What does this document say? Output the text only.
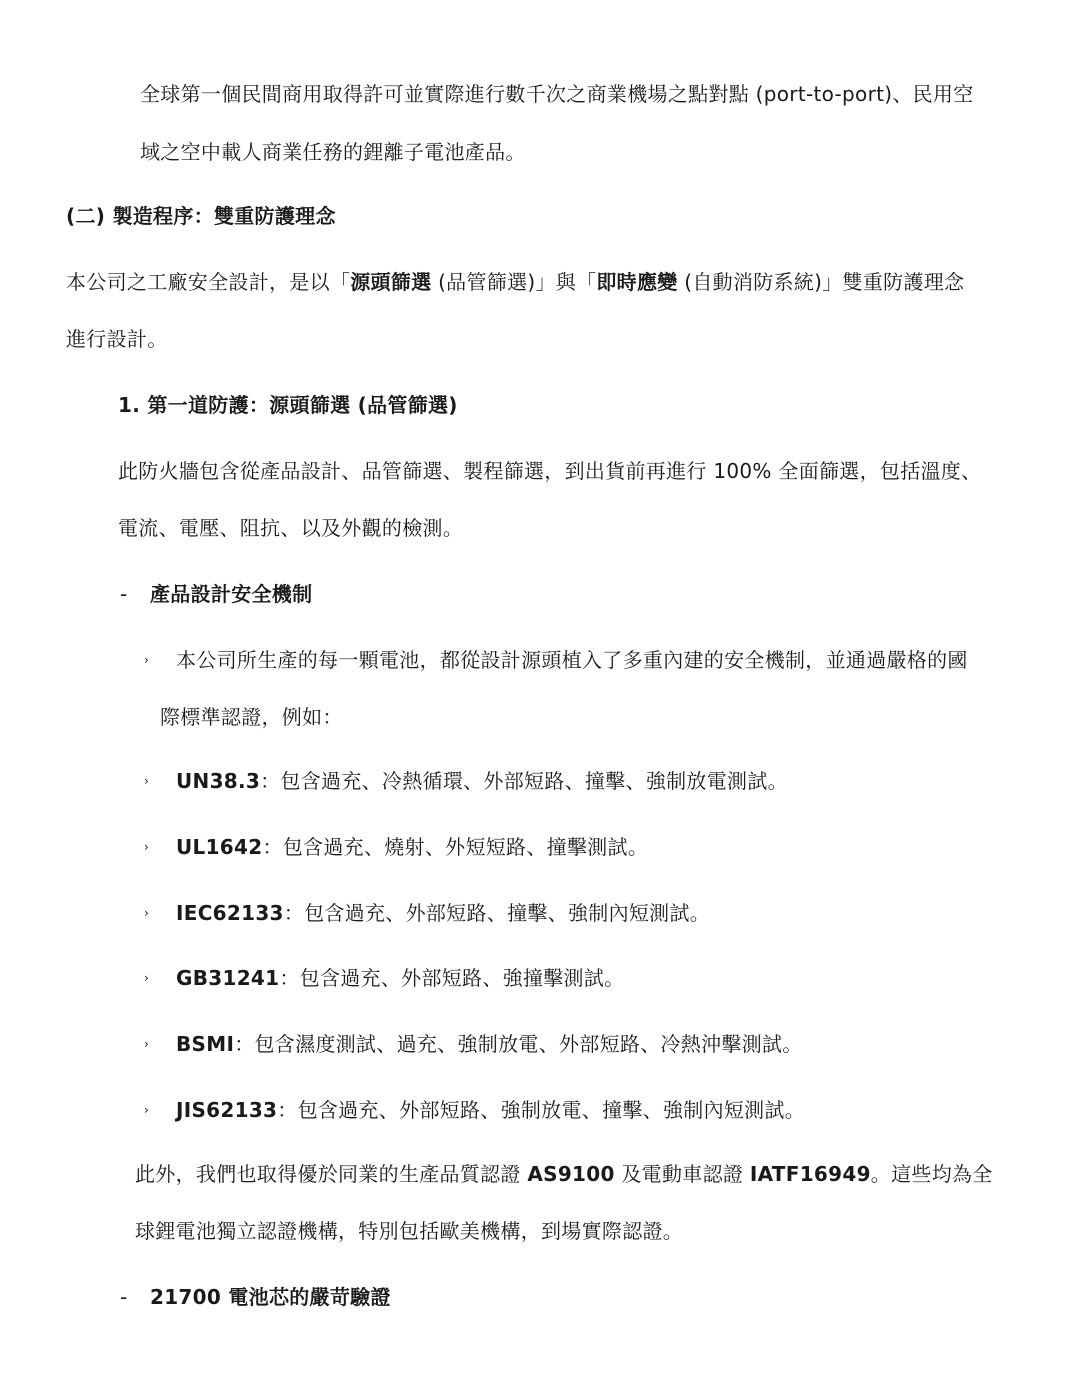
全球第一個民間商用取得許可並實際進行數千次之商業機場之點對點 (port-to-port)、民用空
域之空中載人商業任務的鋰離子電池產品。
(二) 製造程序：雙重防護理念
本公司之工廠安全設計，是以「源頭篩選 (品管篩選)」與「即時應變 (自動消防系統)」雙重防護理念
進行設計。
1. 第一道防護：源頭篩選 (品管篩選)
此防火牆包含從產品設計、品管篩選、製程篩選，到出貨前再進行 100% 全面篩選，包括溫度、
電流、電壓、阻抗、以及外觀的檢測。
- 產品設計安全機制
› 本公司所生產的每一顆電池，都從設計源頭植入了多重內建的安全機制，並通過嚴格的國
際標準認證，例如：
› UN38.3：包含過充、冷熱循環、外部短路、撞擊、強制放電測試。
› UL1642：包含過充、燒射、外短短路、撞擊測試。
› IEC62133：包含過充、外部短路、撞擊、強制內短測試。
› GB31241：包含過充、外部短路、強撞擊測試。
› BSMI：包含濕度測試、過充、強制放電、外部短路、冷熱沖擊測試。
› JIS62133：包含過充、外部短路、強制放電、撞擊、強制內短測試。
此外，我們也取得優於同業的生產品質認證 AS9100 及電動車認證 IATF16949。這些均為全
球鋰電池獨立認證機構，特別包括歐美機構，到場實際認證。
- 21700 電池芯的嚴苛驗證
